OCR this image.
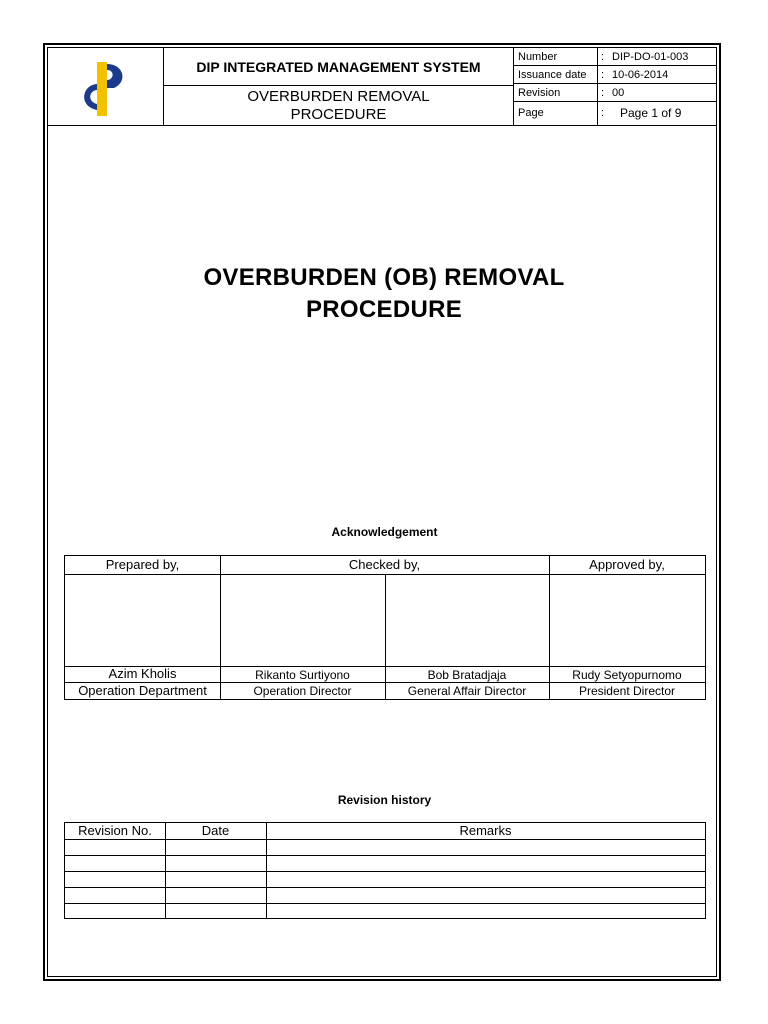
DIP INTEGRATED MANAGEMENT SYSTEM
OVERBURDEN REMOVAL
PROCEDURE
Number	: DIP-DO-01-003
Issuance date	: 10-06-2014
Revision	: 00
Page	: Page 1 of 9
OVERBURDEN (OB) REMOVAL
PROCEDURE
Acknowledgement
Prepared by,	Checked by,	Approved by,
Azim Kholis	Rikanto Surtiyono	Bob Bratadjaja	Rudy Setyopurnomo
Operation Department	Operation Director	General Affair Director	President Director
Revision history
Revision No.	Date	Remarks
